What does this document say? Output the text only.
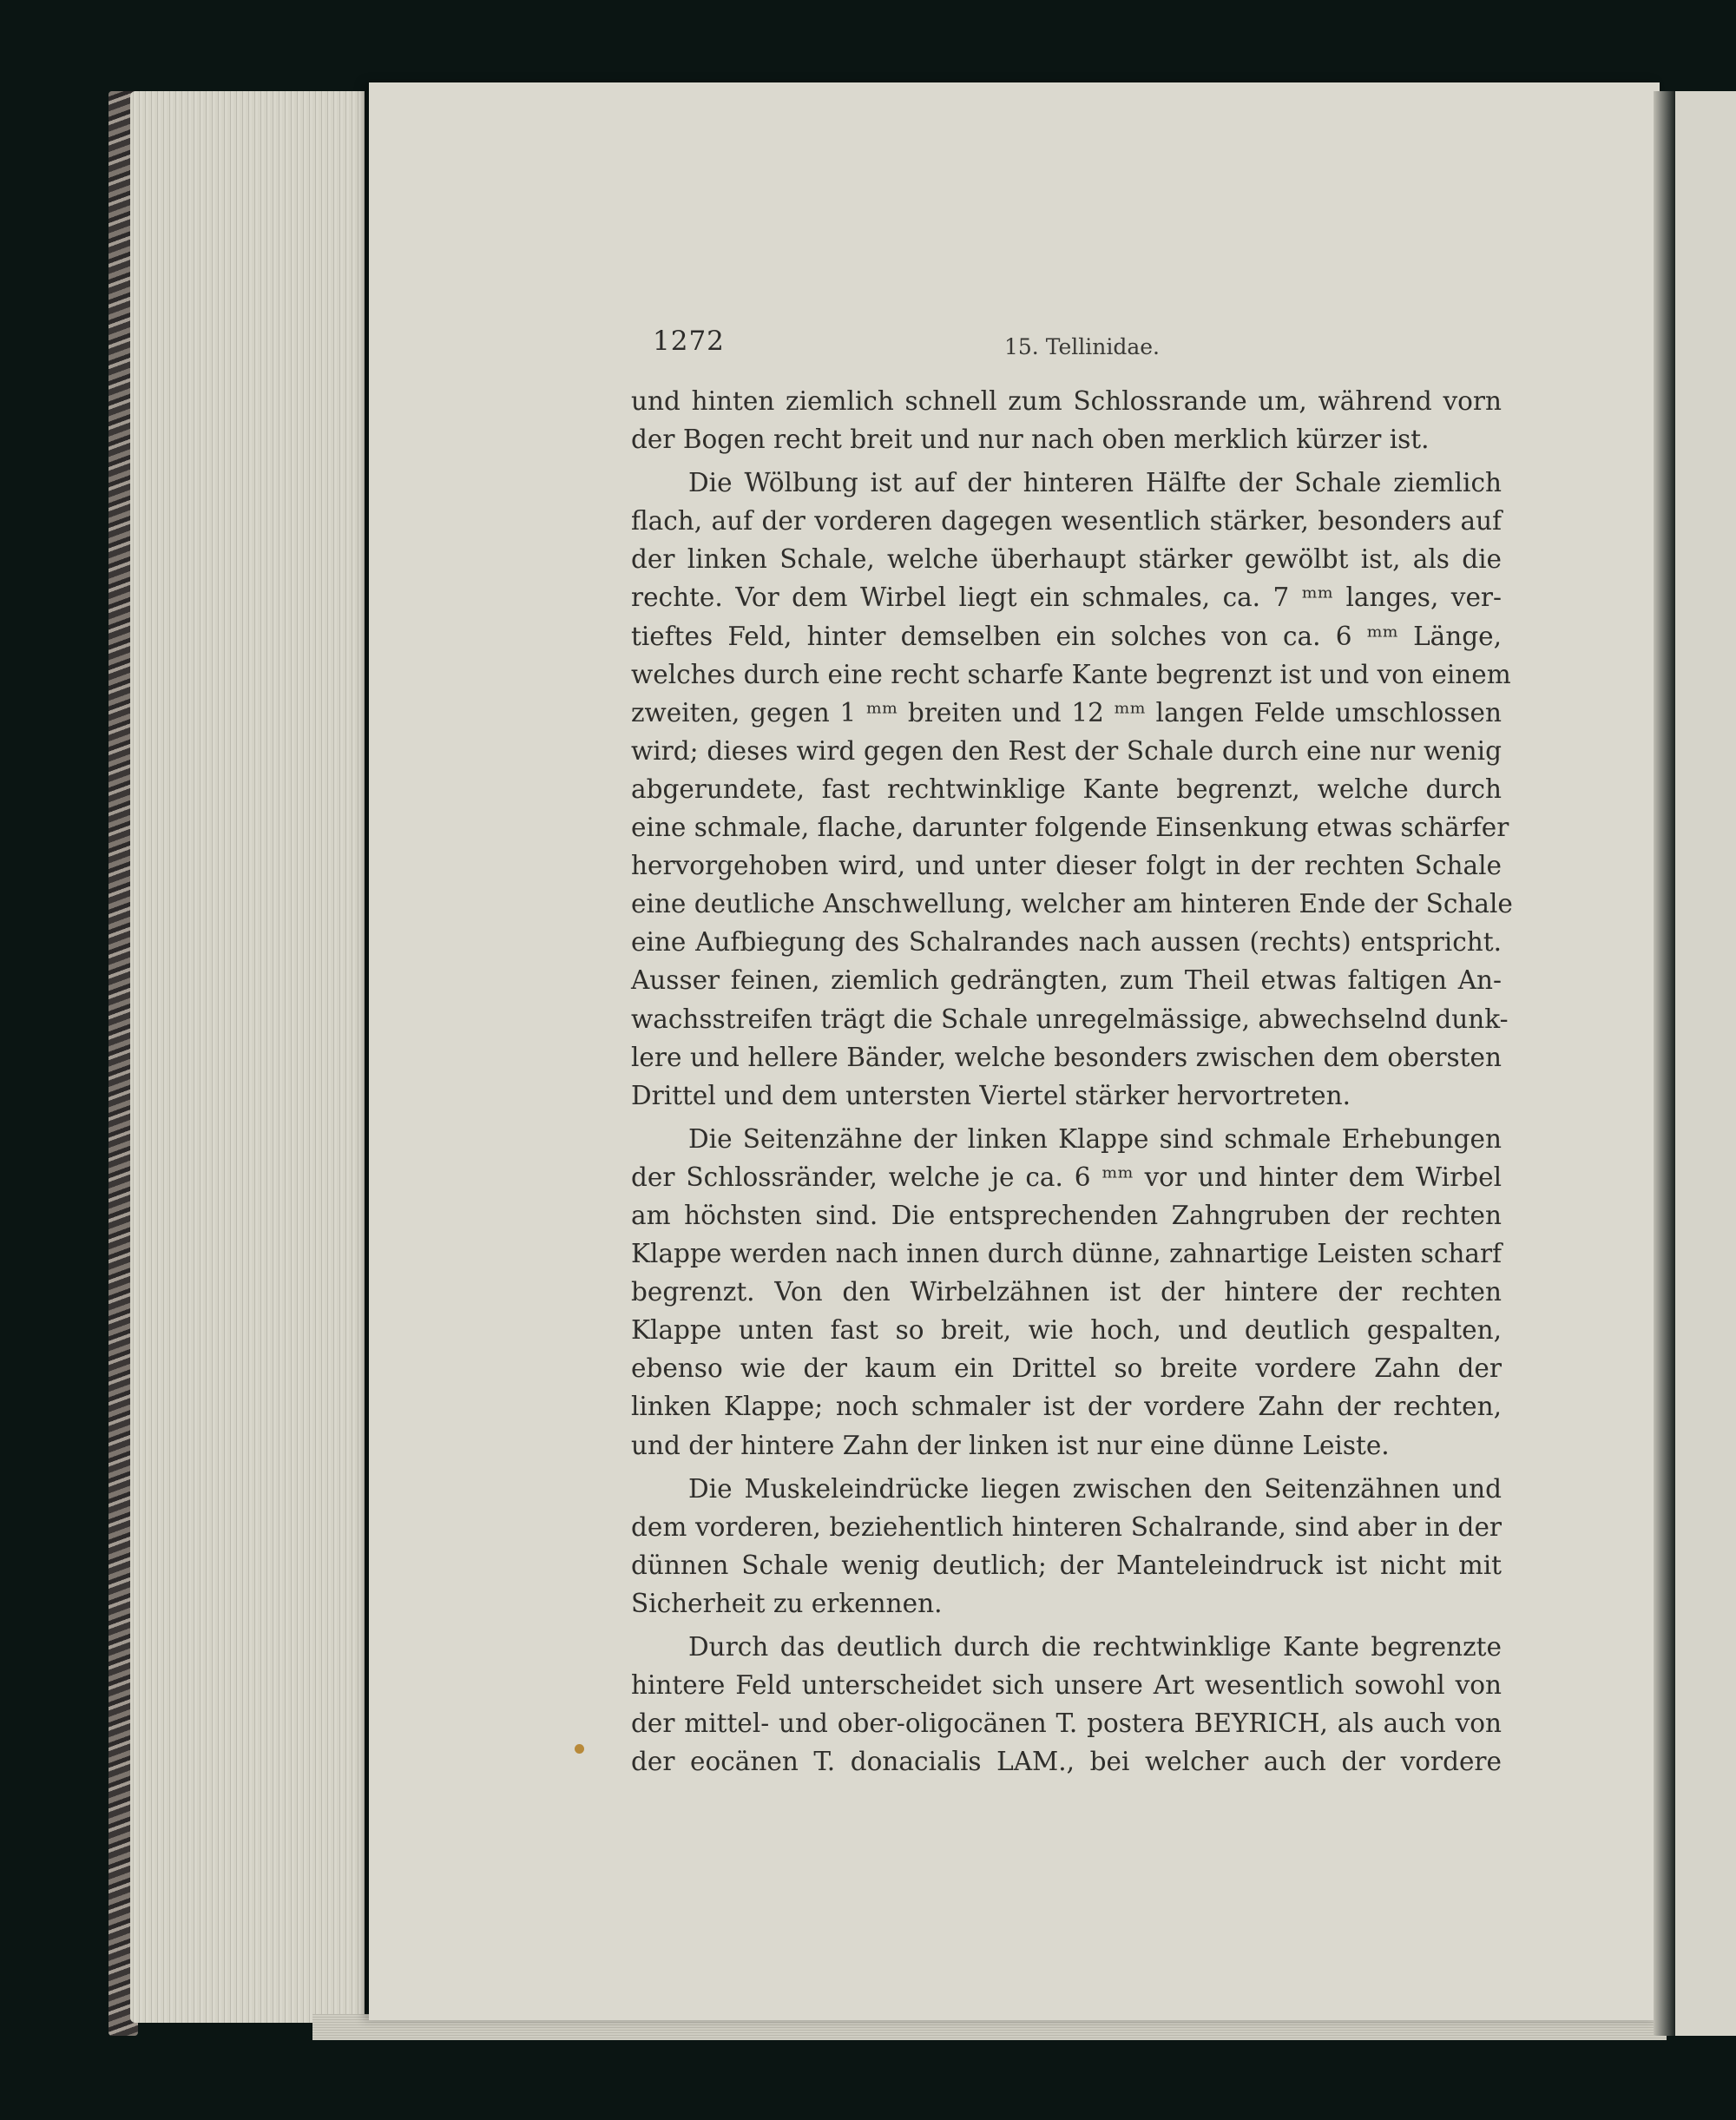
1272	15. Tellinidae.
und hinten ziemlich schnell zum Schlossrande um, während vorn
der Bogen recht breit und nur nach oben merklich kürzer ist.
Die Wölbung ist auf der hinteren Hälfte der Schale ziemlich
flach, auf der vorderen dagegen wesentlich stärker, besonders auf
der linken Schale, welche überhaupt stärker gewölbt ist, als die
rechte. Vor dem Wirbel liegt ein schmales, ca. 7 ᵐᵐ langes, ver-
tieftes Feld, hinter demselben ein solches von ca. 6 ᵐᵐ Länge,
welches durch eine recht scharfe Kante begrenzt ist und von einem
zweiten, gegen 1 ᵐᵐ breiten und 12 ᵐᵐ langen Felde umschlossen
wird; dieses wird gegen den Rest der Schale durch eine nur wenig
abgerundete, fast rechtwinklige Kante begrenzt, welche durch
eine schmale, flache, darunter folgende Einsenkung etwas schärfer
hervorgehoben wird, und unter dieser folgt in der rechten Schale
eine deutliche Anschwellung, welcher am hinteren Ende der Schale
eine Aufbiegung des Schalrandes nach aussen (rechts) entspricht.
Ausser feinen, ziemlich gedrängten, zum Theil etwas faltigen An-
wachsstreifen trägt die Schale unregelmässige, abwechselnd dunk-
lere und hellere Bänder, welche besonders zwischen dem obersten
Drittel und dem untersten Viertel stärker hervortreten.
Die Seitenzähne der linken Klappe sind schmale Erhebungen
der Schlossränder, welche je ca. 6 ᵐᵐ vor und hinter dem Wirbel
am höchsten sind. Die entsprechenden Zahngruben der rechten
Klappe werden nach innen durch dünne, zahnartige Leisten scharf
begrenzt. Von den Wirbelzähnen ist der hintere der rechten
Klappe unten fast so breit, wie hoch, und deutlich gespalten,
ebenso wie der kaum ein Drittel so breite vordere Zahn der
linken Klappe; noch schmaler ist der vordere Zahn der rechten,
und der hintere Zahn der linken ist nur eine dünne Leiste.
Die Muskeleindrücke liegen zwischen den Seitenzähnen und
dem vorderen, beziehentlich hinteren Schalrande, sind aber in der
dünnen Schale wenig deutlich; der Manteleindruck ist nicht mit
Sicherheit zu erkennen.
Durch das deutlich durch die rechtwinklige Kante begrenzte
hintere Feld unterscheidet sich unsere Art wesentlich sowohl von
der mittel- und ober-oligocänen T. postera BEYRICH, als auch von
der eocänen T. donacialis LAM., bei welcher auch der vordere
